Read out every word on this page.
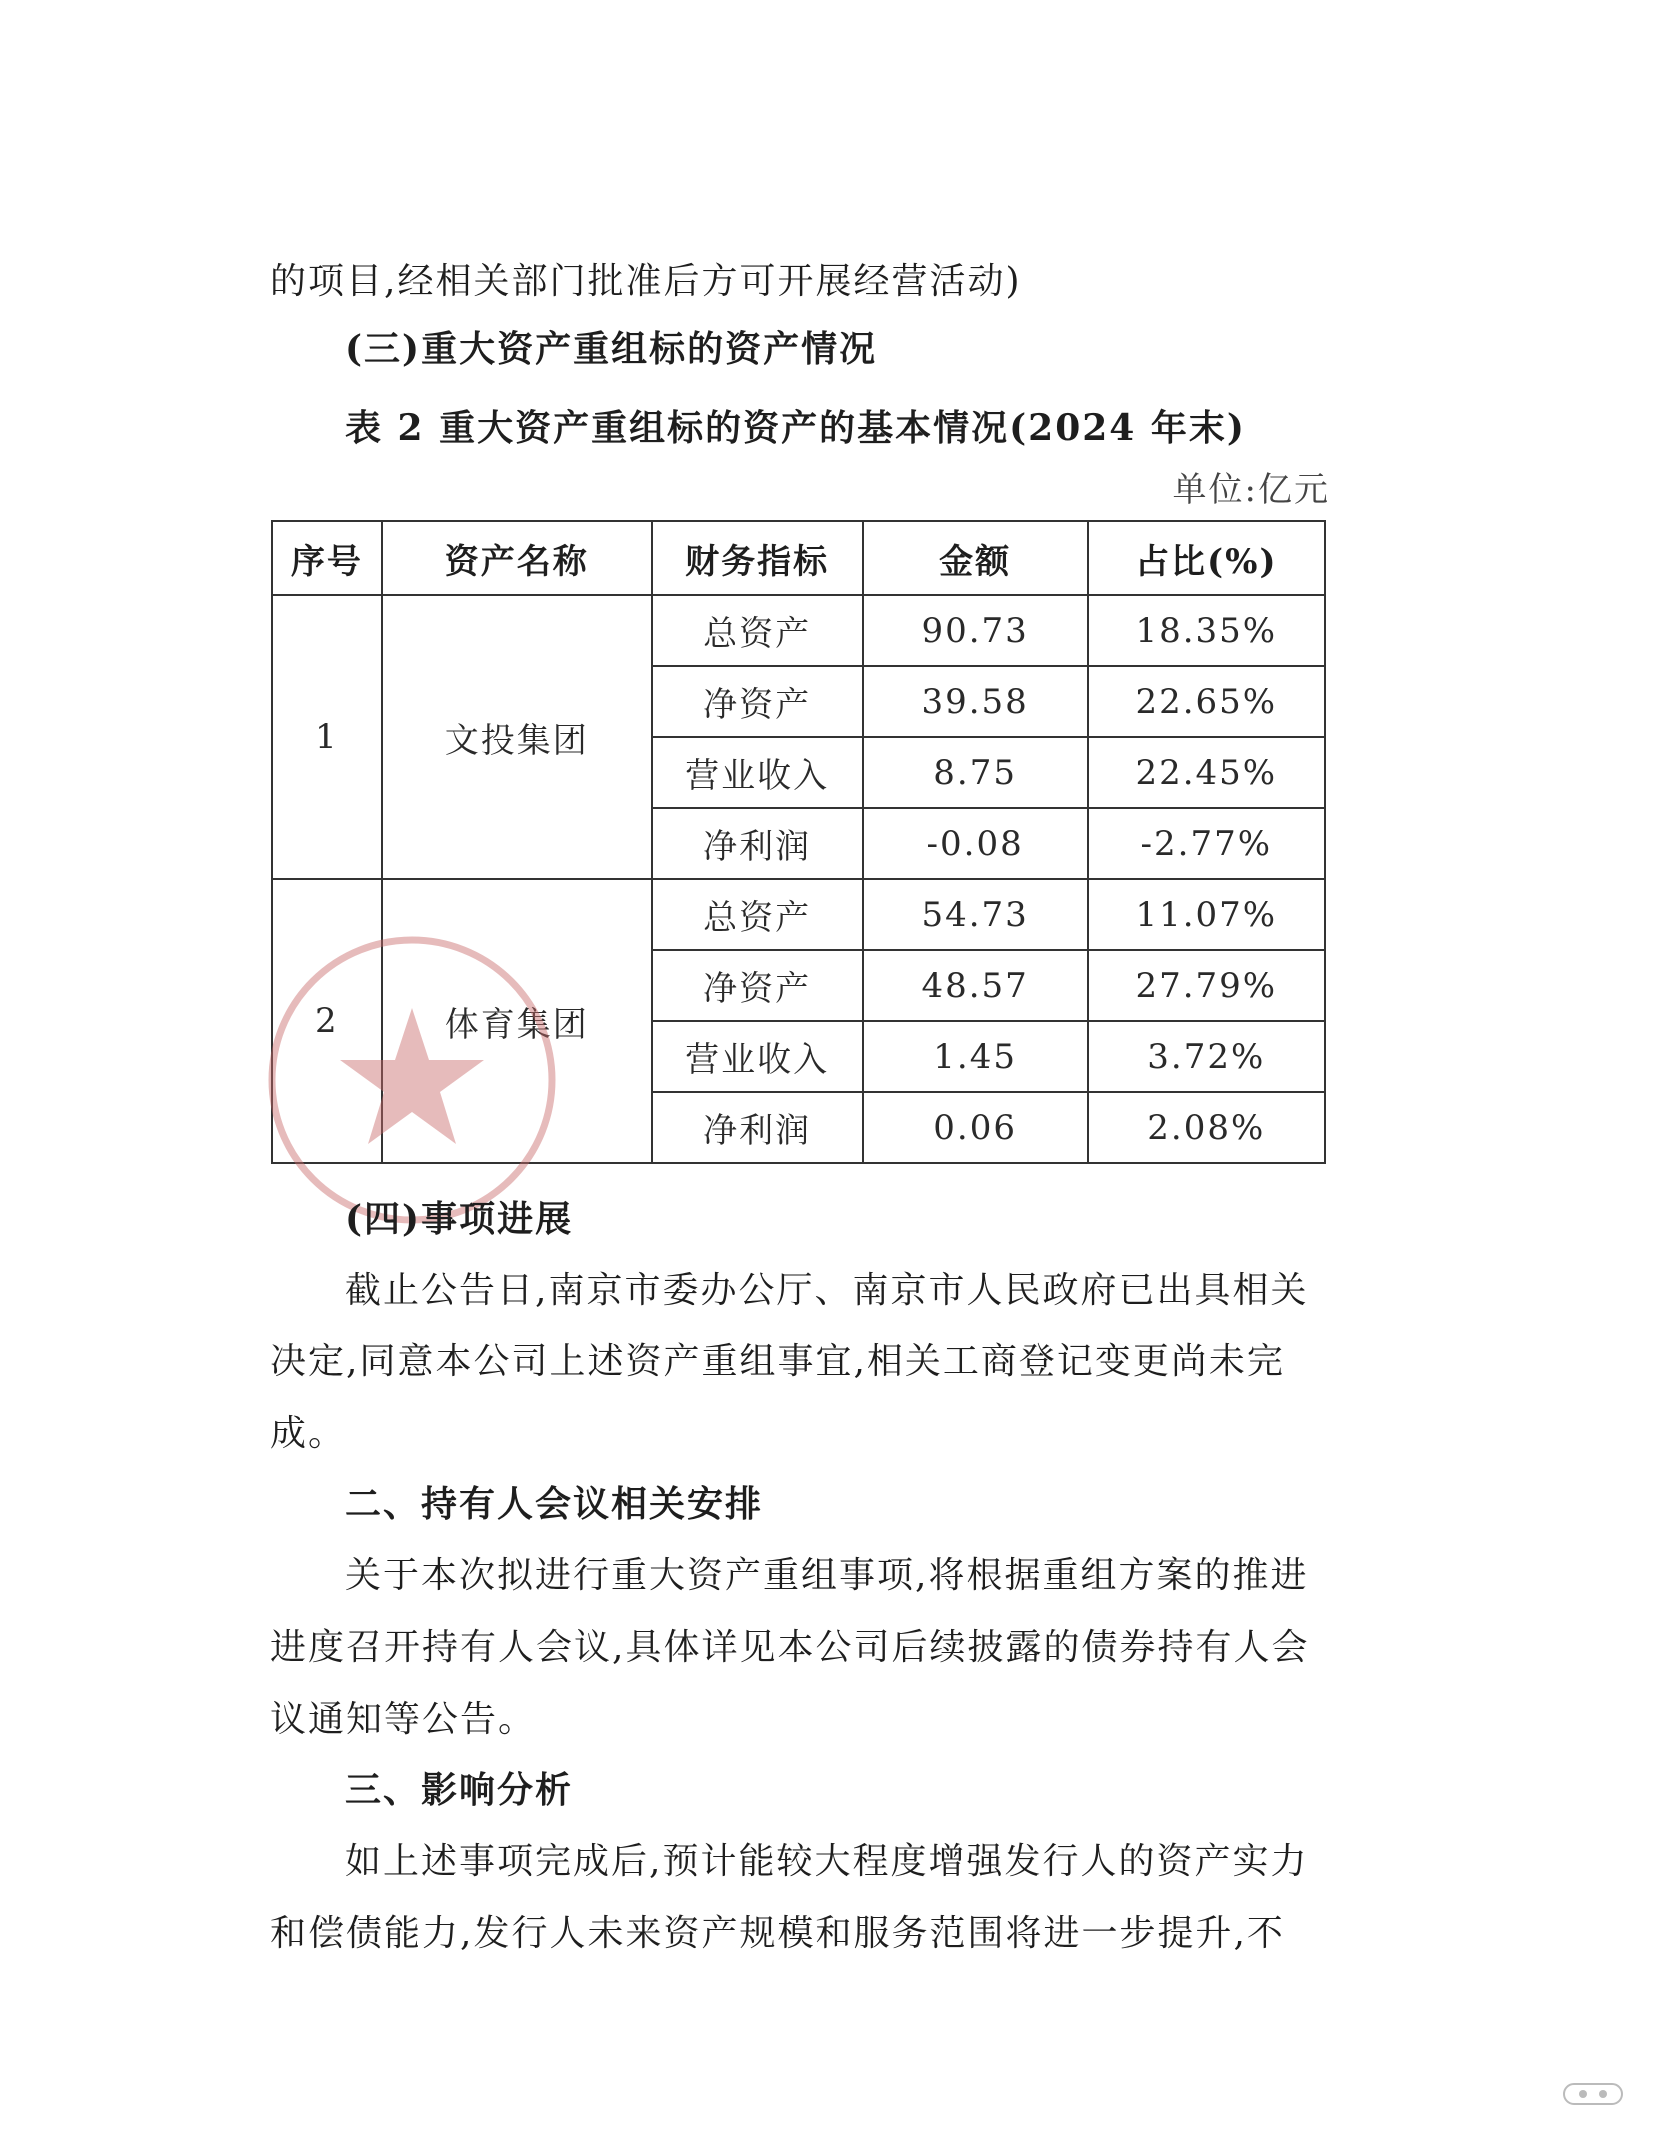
的项目,经相关部门批准后方可开展经营活动)
(三)重大资产重组标的资产情况
表 2 重大资产重组标的资产的基本情况(2024 年末)
单位:亿元
序号	资产名称	财务指标	金额	占比(%)
1	文投集团	总资产	90.73	18.35%
		净资产	39.58	22.65%
		营业收入	8.75	22.45%
		净利润	-0.08	-2.77%
2	体育集团	总资产	54.73	11.07%
		净资产	48.57	27.79%
		营业收入	1.45	3.72%
		净利润	0.06	2.08%
(四)事项进展
截止公告日,南京市委办公厅、南京市人民政府已出具相关
决定,同意本公司上述资产重组事宜,相关工商登记变更尚未完
成。
二、持有人会议相关安排
关于本次拟进行重大资产重组事项,将根据重组方案的推进
进度召开持有人会议,具体详见本公司后续披露的债券持有人会
议通知等公告。
三、影响分析
如上述事项完成后,预计能较大程度增强发行人的资产实力
和偿债能力,发行人未来资产规模和服务范围将进一步提升,不
